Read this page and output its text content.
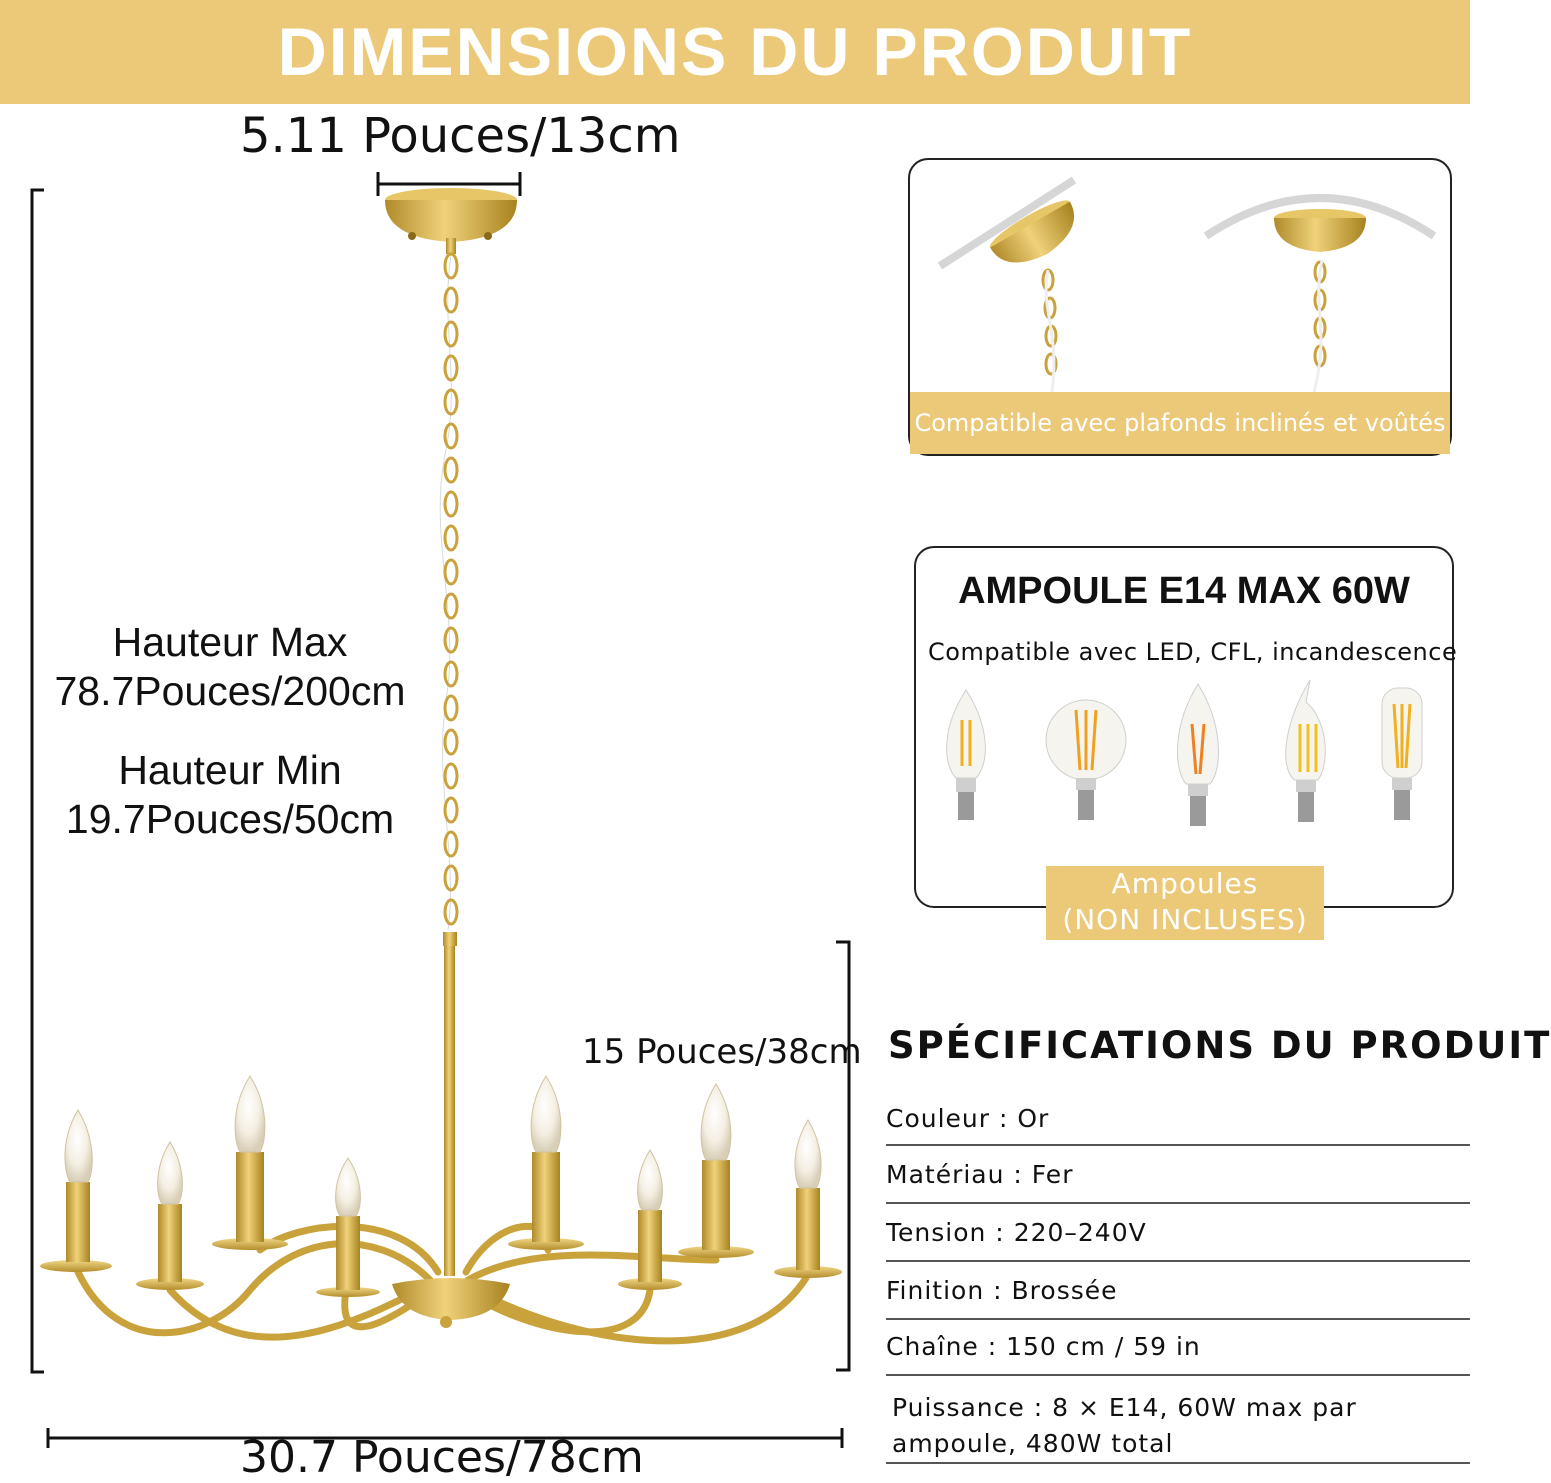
DIMENSIONS DU PRODUIT
5.11 Pouces/13cm
30.7 Pouces/78cm
15 Pouces/38cm
Hauteur Max
78.7Pouces/200cm
Hauteur Min
19.7Pouces/50cm
Compatible avec plafonds inclinés et voûtés
AMPOULE E14 MAX 60W
Compatible avec LED, CFL, incandescence
Ampoules
(NON INCLUSES)
SPÉCIFICATIONS DU PRODUIT
Couleur : Or
Matériau : Fer
Tension : 220–240V
Finition : Brossée
Chaîne : 150 cm / 59 in
Puissance : 8 × E14, 60W max par ampoule, 480W total
